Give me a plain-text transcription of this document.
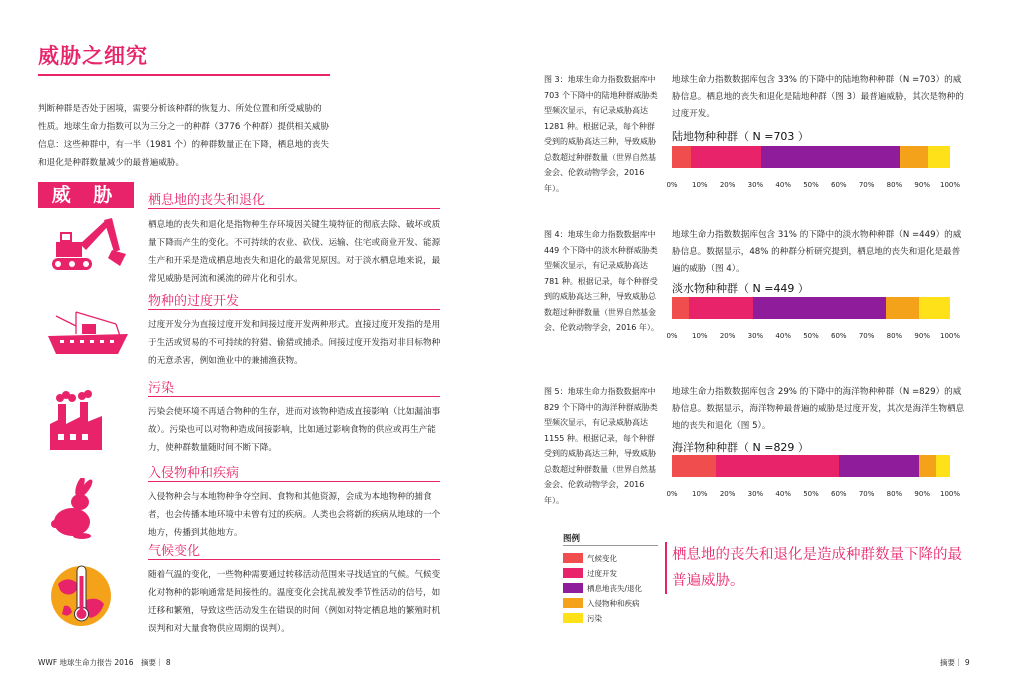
威胁之细究
判断种群是否处于困境，需要分析该种群的恢复力、所处位置和所受威胁的性质。地球生命力指数可以为三分之一的种群（3776 个种群）提供相关威胁信息：这些种群中，有一半（1981 个）的种群数量正在下降，栖息地的丧失和退化是种群数量减少的最普遍威胁。
威 胁	栖息地的丧失和退化
栖息地的丧失和退化是指物种生存环境因关键生境特征的彻底去除、破坏或质量下降而产生的变化。不可持续的农业、砍伐、运输、住宅或商业开发、能源生产和开采是造成栖息地丧失和退化的最常见原因。对于淡水栖息地来说，最常见威胁是河流和溪流的碎片化和引水。
物种的过度开发
过度开发分为直接过度开发和间接过度开发两种形式。直接过度开发指的是用于生活或贸易的不可持续的狩猎、偷猎或捕杀。间接过度开发指对非目标物种的无意杀害，例如渔业中的兼捕渔获物。
污染
污染会使环境不再适合物种的生存，进而对该物种造成直接影响（比如漏油事故）。污染也可以对物种造成间接影响，比如通过影响食物的供应或再生产能力，使种群数量随时间不断下降。
入侵物种和疾病
入侵物种会与本地物种争夺空间、食物和其他资源，会成为本地物种的捕食者，也会传播本地环境中未曾有过的疾病。人类也会将新的疾病从地球的一个地方，传播到其他地方。
气候变化
随着气温的变化，一些物种需要通过转移活动范围来寻找适宜的气候。气候变化对物种的影响通常是间接性的。温度变化会扰乱被发季节性活动的信号，如迁移和繁殖，导致这些活动发生在错误的时间（例如对特定栖息地的繁殖时机误判和对大量食物供应周期的误判）。
图 3：地球生命力指数数据库中 703 个下降中的陆地种群威胁类型频次显示，有记录威胁高达 1281 种。根据记录，每个种群受到的威胁高达三种，导致威胁总数超过种群数量（世界自然基金会、伦敦动物学会，2016 年）。
地球生命力指数数据库包含 33% 的下降中的陆地物种种群（N =703）的威胁信息。栖息地的丧失和退化是陆地种群（图 3）最普遍威胁，其次是物种的过度开发。
陆地物种种群（ N =703 ）
0% 10% 20% 30% 40% 50% 60% 70% 80% 90% 100%
图 4：地球生命力指数数据库中 449 个下降中的淡水种群威胁类型频次显示，有记录威胁高达 781 种。根据记录，每个种群受到的威胁高达三种，导致威胁总数超过种群数量（世界自然基金会、伦敦动物学会，2016 年）。
地球生命力指数数据库包含 31% 的下降中的淡水物种种群（N =449）的威胁信息。数据显示，48% 的种群分析研究提到，栖息地的丧失和退化是最普遍的威胁（图 4）。
淡水物种种群（ N =449 ）
0% 10% 20% 30% 40% 50% 60% 70% 80% 90% 100%
图 5：地球生命力指数数据库中 829 个下降中的海洋种群威胁类型频次显示，有记录威胁高达 1155 种。根据记录，每个种群受到的威胁高达三种，导致威胁总数超过种群数量（世界自然基金会、伦敦动物学会，2016 年）。
地球生命力指数数据库包含 29% 的下降中的海洋物种种群（N =829）的威胁信息。数据显示，海洋物种最普遍的威胁是过度开发，其次是海洋生物栖息地的丧失和退化（图 5）。
海洋物种种群（ N =829 ）
0% 10% 20% 30% 40% 50% 60% 70% 80% 90% 100%
图例
气候变化
过度开发
栖息地丧失/退化
入侵物种和疾病
污染
栖息地的丧失和退化是造成种群数量下降的最普遍威胁。
WWF 地球生命力报告 2016　摘要｜ 8	摘要｜ 9
